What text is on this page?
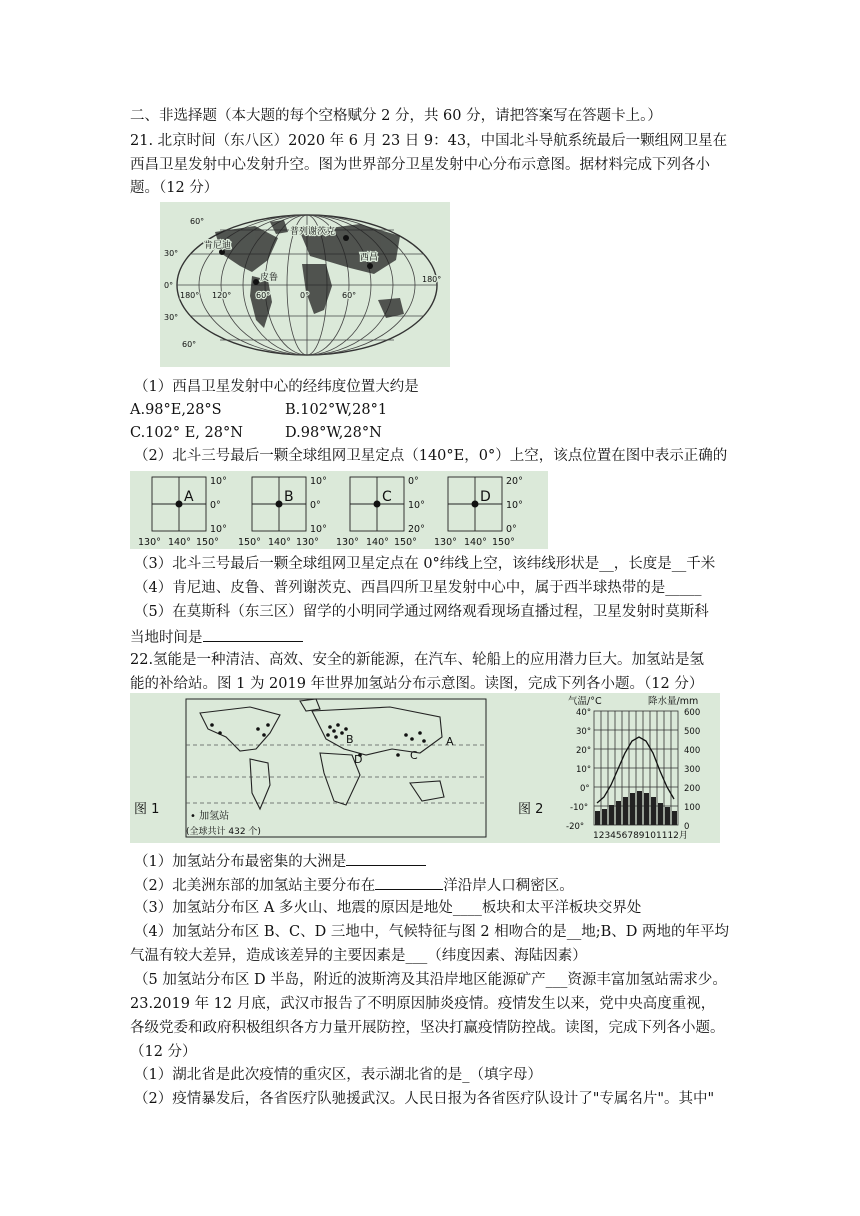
二、非选择题（本大题的每个空格赋分 2 分，共 60 分，请把答案写在答题卡上。）
21. 北京时间（东八区）2020 年 6 月 23 日 9：43，中国北斗导航系统最后一颗组网卫星在
西昌卫星发射中心发射升空。图为世界部分卫星发射中心分布示意图。据材料完成下列各小
题。（12 分）
肯尼迪
皮鲁
普列谢茨克
西昌
60°
30°
0°
30°
60°
180° 120°	60°	0°	60°
180°
（1）西昌卫星发射中心的经纬度位置大约是
A.98°E,28°S	B.102°W,28°1
C.102° E, 28°N	D.98°W,28°N
（2）北斗三号最后一颗全球组网卫星定点（140°E，0°）上空，该点位置在图中表示正确的
A	B	C	D
10°
0°
10°
10°
0°
10°
0°
10°
20°
20°
10°
0°
130° 140° 150° 150° 140° 130° 130° 140° 150° 130° 140° 150°
（3）北斗三号最后一颗全球组网卫星定点在 0°纬线上空，该纬线形状是__，长度是__千米
（4）肯尼迪、皮鲁、普列谢茨克、西昌四所卫星发射中心中，属于西半球热带的是_____
（5）在莫斯科（东三区）留学的小明同学通过网络观看现场直播过程，卫星发射时莫斯科
当地时间是
22.氢能是一种清洁、高效、安全的新能源，在汽车、轮船上的应用潜力巨大。加氢站是氢
能的补给站。图 1 为 2019 年世界加氢站分布示意图。读图，完成下列各小题。（12 分）
A
B
C
D
图 1	• 加氢站
(全球共计 432 个)
图 2
气温/°C	降水量/mm
40°
30°
20°
10°
0°
-10°
-20°
600
500
400
300
200
100
0
123456789101112月
（1）加氢站分布最密集的大洲是
（2）北美洲东部的加氢站主要分布在	洋沿岸人口稠密区。
（3）加氢站分布区 A 多火山、地震的原因是地处____板块和太平洋板块交界处
（4）加氢站分布区 B、C、D 三地中，气候特征与图 2 相吻合的是__地;B、D 两地的年平均
气温有较大差异，造成该差异的主要因素是___（纬度因素、海陆因素）
（5 加氢站分布区 D 半岛，附近的波斯湾及其沿岸地区能源矿产___资源丰富加氢站需求少。
23.2019 年 12 月底，武汉市报告了不明原因肺炎疫情。疫情发生以来，党中央高度重视，
各级党委和政府积极组织各方力量开展防控，坚决打赢疫情防控战。读图，完成下列各小题。
（12 分）
（1）湖北省是此次疫情的重灾区，表示湖北省的是_（填字母）
（2）疫情暴发后，各省医疗队驰援武汉。人民日报为各省医疗队设计了"专属名片"。其中"
